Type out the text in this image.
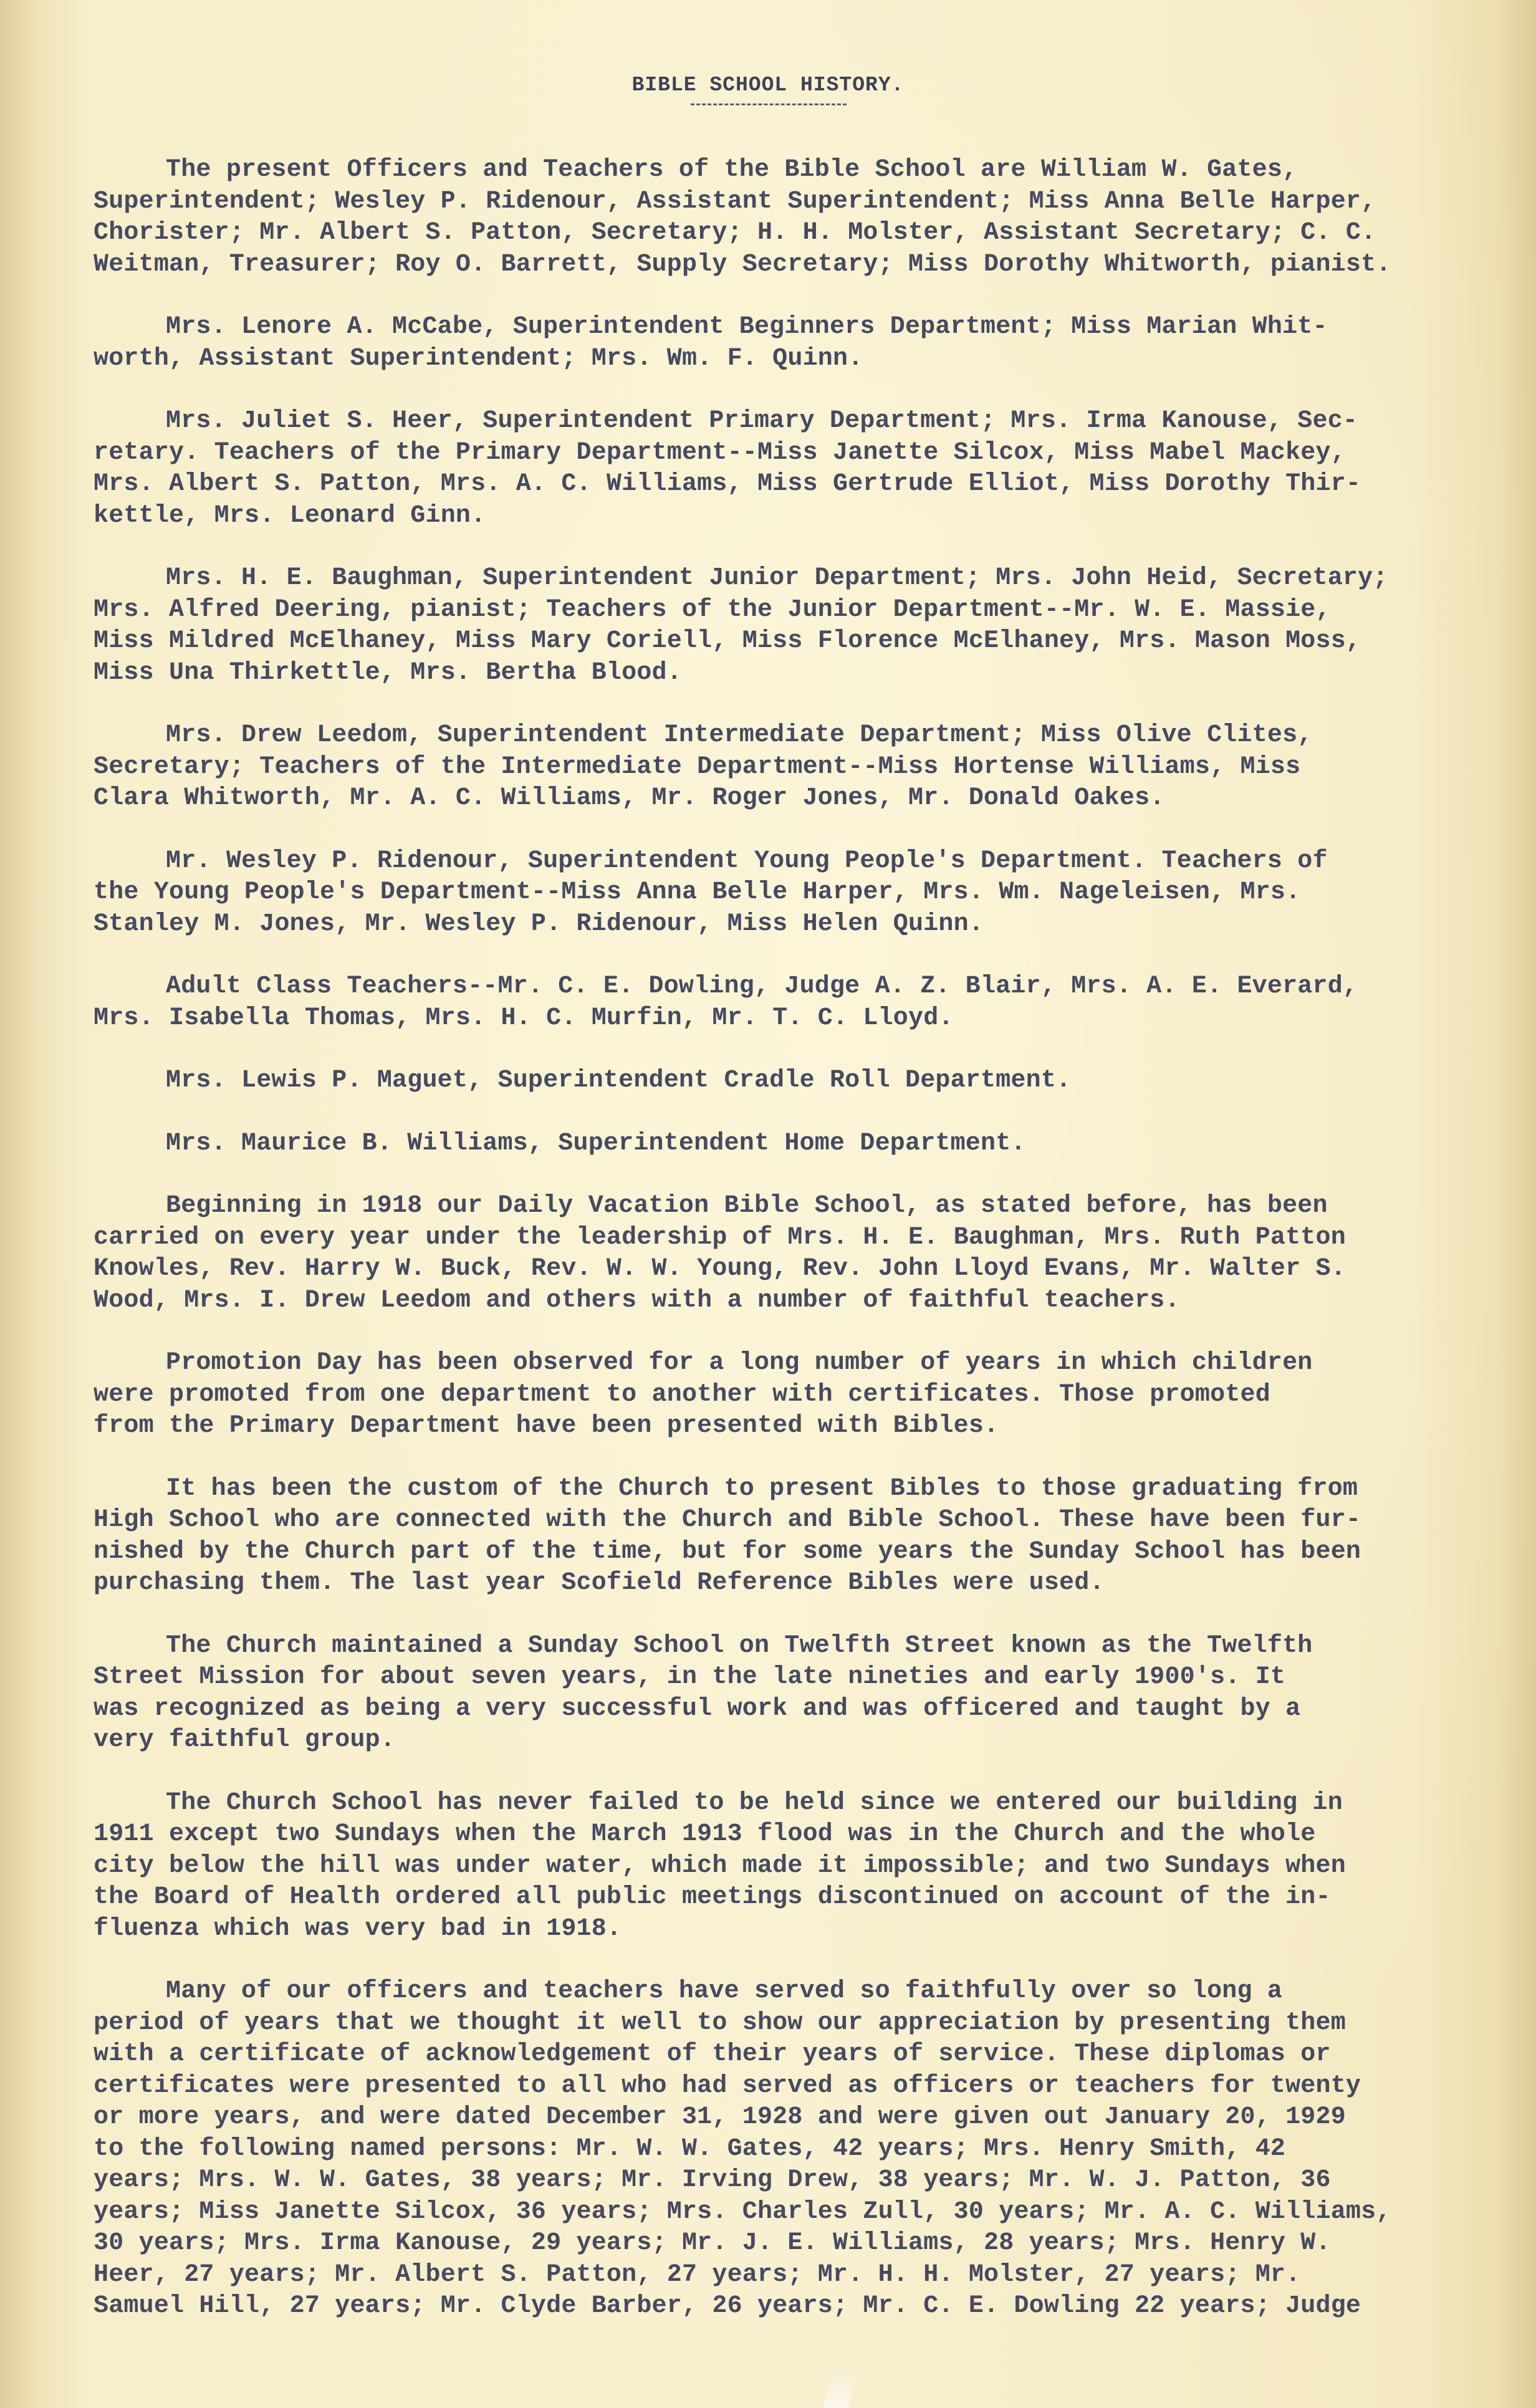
BIBLE SCHOOL HISTORY.

The present Officers and Teachers of the Bible School are William W. Gates,
Superintendent; Wesley P. Ridenour, Assistant Superintendent; Miss Anna Belle Harper,
Chorister; Mr. Albert S. Patton, Secretary; H. H. Molster, Assistant Secretary; C. C.
Weitman, Treasurer; Roy O. Barrett, Supply Secretary; Miss Dorothy Whitworth, pianist.

Mrs. Lenore A. McCabe, Superintendent Beginners Department; Miss Marian Whit-
worth, Assistant Superintendent; Mrs. Wm. F. Quinn.

Mrs. Juliet S. Heer, Superintendent Primary Department; Mrs. Irma Kanouse, Sec-
retary. Teachers of the Primary Department--Miss Janette Silcox, Miss Mabel Mackey,
Mrs. Albert S. Patton, Mrs. A. C. Williams, Miss Gertrude Elliot, Miss Dorothy Thir-
kettle, Mrs. Leonard Ginn.

Mrs. H. E. Baughman, Superintendent Junior Department; Mrs. John Heid, Secretary;
Mrs. Alfred Deering, pianist; Teachers of the Junior Department--Mr. W. E. Massie,
Miss Mildred McElhaney, Miss Mary Coriell, Miss Florence McElhaney, Mrs. Mason Moss,
Miss Una Thirkettle, Mrs. Bertha Blood.

Mrs. Drew Leedom, Superintendent Intermediate Department; Miss Olive Clites,
Secretary; Teachers of the Intermediate Department--Miss Hortense Williams, Miss
Clara Whitworth, Mr. A. C. Williams, Mr. Roger Jones, Mr. Donald Oakes.

Mr. Wesley P. Ridenour, Superintendent Young People's Department. Teachers of
the Young People's Department--Miss Anna Belle Harper, Mrs. Wm. Nageleisen, Mrs.
Stanley M. Jones, Mr. Wesley P. Ridenour, Miss Helen Quinn.

Adult Class Teachers--Mr. C. E. Dowling, Judge A. Z. Blair, Mrs. A. E. Everard,
Mrs. Isabella Thomas, Mrs. H. C. Murfin, Mr. T. C. Lloyd.

Mrs. Lewis P. Maguet, Superintendent Cradle Roll Department.

Mrs. Maurice B. Williams, Superintendent Home Department.

Beginning in 1918 our Daily Vacation Bible School, as stated before, has been
carried on every year under the leadership of Mrs. H. E. Baughman, Mrs. Ruth Patton
Knowles, Rev. Harry W. Buck, Rev. W. W. Young, Rev. John Lloyd Evans, Mr. Walter S.
Wood, Mrs. I. Drew Leedom and others with a number of faithful teachers.

Promotion Day has been observed for a long number of years in which children
were promoted from one department to another with certificates. Those promoted
from the Primary Department have been presented with Bibles.

It has been the custom of the Church to present Bibles to those graduating from
High School who are connected with the Church and Bible School. These have been fur-
nished by the Church part of the time, but for some years the Sunday School has been
purchasing them. The last year Scofield Reference Bibles were used.

The Church maintained a Sunday School on Twelfth Street known as the Twelfth
Street Mission for about seven years, in the late nineties and early 1900's. It
was recognized as being a very successful work and was officered and taught by a
very faithful group.

The Church School has never failed to be held since we entered our building in
1911 except two Sundays when the March 1913 flood was in the Church and the whole
city below the hill was under water, which made it impossible; and two Sundays when
the Board of Health ordered all public meetings discontinued on account of the in-
fluenza which was very bad in 1918.

Many of our officers and teachers have served so faithfully over so long a
period of years that we thought it well to show our appreciation by presenting them
with a certificate of acknowledgement of their years of service. These diplomas or
certificates were presented to all who had served as officers or teachers for twenty
or more years, and were dated December 31, 1928 and were given out January 20, 1929
to the following named persons: Mr. W. W. Gates, 42 years; Mrs. Henry Smith, 42
years; Mrs. W. W. Gates, 38 years; Mr. Irving Drew, 38 years; Mr. W. J. Patton, 36
years; Miss Janette Silcox, 36 years; Mrs. Charles Zull, 30 years; Mr. A. C. Williams,
30 years; Mrs. Irma Kanouse, 29 years; Mr. J. E. Williams, 28 years; Mrs. Henry W.
Heer, 27 years; Mr. Albert S. Patton, 27 years; Mr. H. H. Molster, 27 years; Mr.
Samuel Hill, 27 years; Mr. Clyde Barber, 26 years; Mr. C. E. Dowling 22 years; Judge
